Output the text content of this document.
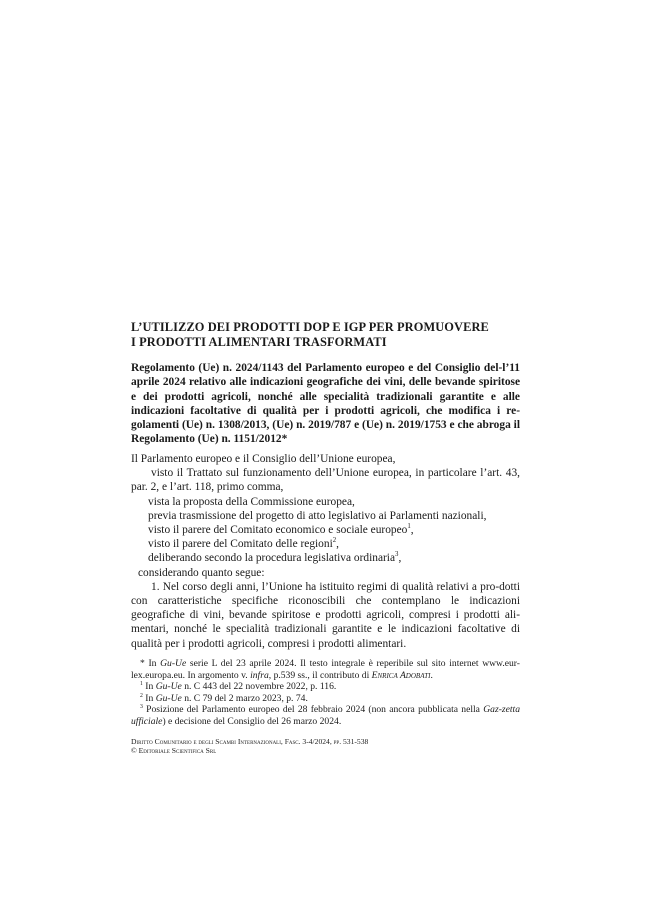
L’UTILIZZO DEI PRODOTTI DOP E IGP PER PROMUOVERE
I PRODOTTI ALIMENTARI TRASFORMATI
Regolamento (Ue) n. 2024/1143 del Parlamento europeo e del Consiglio del-l’11 aprile 2024 relativo alle indicazioni geografiche dei vini, delle bevande spiritose e dei prodotti agricoli, nonché alle specialità tradizionali garantite e alle indicazioni facoltative di qualità per i prodotti agricoli, che modifica i re-golamenti (Ue) n. 1308/2013, (Ue) n. 2019/787 e (Ue) n. 2019/1753 e che abroga il Regolamento (Ue) n. 1151/2012*

Il Parlamento europeo e il Consiglio dell’Unione europea,

visto il Trattato sul funzionamento dell’Unione europea, in particolare l’art. 43, par. 2, e l’art. 118, primo comma,

vista la proposta della Commissione europea,

previa trasmissione del progetto di atto legislativo ai Parlamenti nazionali,

visto il parere del Comitato economico e sociale europeo$^1$,

visto il parere del Comitato delle regioni$^2$,

deliberando secondo la procedura legislativa ordinaria$^3$,

considerando quanto segue:

1. Nel corso degli anni, l’Unione ha istituito regimi di qualità relativi a pro-dotti con caratteristiche specifiche riconoscibili che contemplano le indicazioni geografiche di vini, bevande spiritose e prodotti agricoli, compresi i prodotti ali-mentari, nonché le specialità tradizionali garantite e le indicazioni facoltative di qualità per i prodotti agricoli, compresi i prodotti alimentari.

* In Gu-Ue serie L del 23 aprile 2024. Il testo integrale è reperibile sul sito internet www.eur-lex.europa.eu. In argomento v. infra, p.539 ss., il contributo di Enrica Adobati.

$^1$ In Gu-Ue n. C 443 del 22 novembre 2022, p. 116.

$^2$ In Gu-Ue n. C 79 del 2 marzo 2023, p. 74.

$^3$ Posizione del Parlamento europeo del 28 febbraio 2024 (non ancora pubblicata nella Gaz-zetta ufficiale) e decisione del Consiglio del 26 marzo 2024.

Diritto Comunitario e degli Scambi Internazionali, Fasc. 3-4/2024, pp. 531-538
© Editoriale Scientifica Srl
